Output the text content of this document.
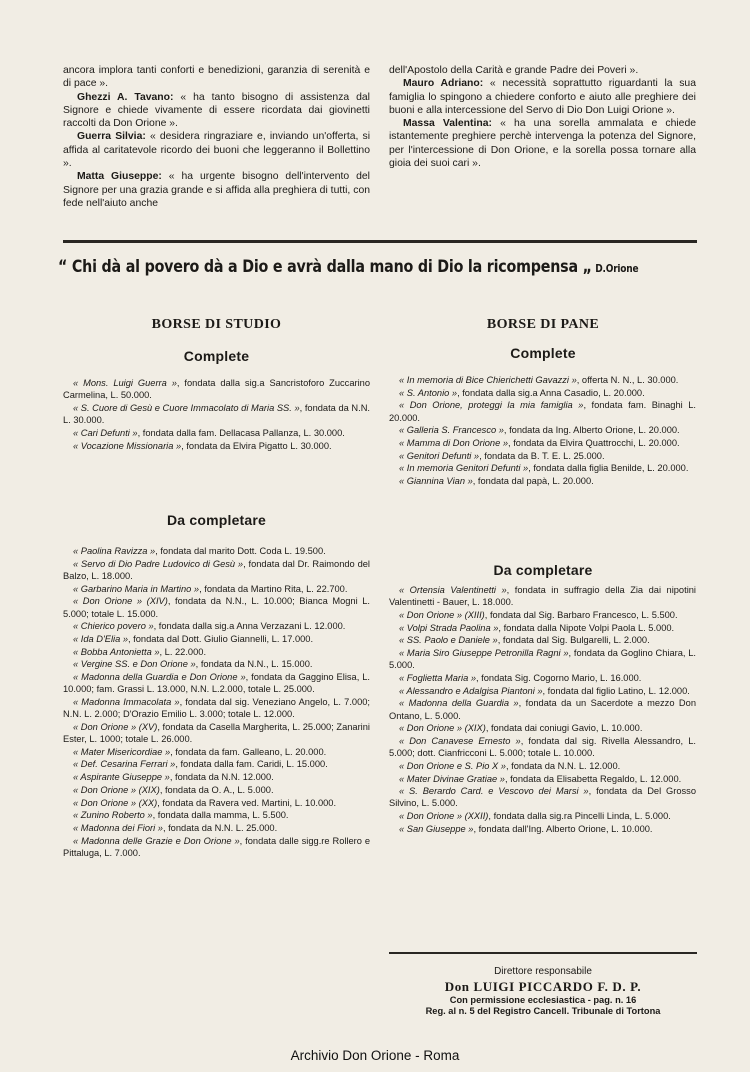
ancora implora tanti conforti e benedizioni, garanzia di serenità e di pace ».

Ghezzi A. Tavano: « ha tanto bisogno di assistenza dal Signore e chiede vivamente di essere ricordata dai giovinetti raccolti da Don Orione ».

Guerra Silvia: « desidera ringraziare e, inviando un'offerta, si affida al caritatevole ricordo dei buoni che leggeranno il Bollettino ».

Matta Giuseppe: « ha urgente bisogno dell'intervento del Signore per una grazia grande e si affida alla preghiera di tutti, con fede nell'aiuto anche

dell'Apostolo della Carità e grande Padre dei Poveri ».

Mauro Adriano: « necessità soprattutto riguardanti la sua famiglia lo spingono a chiedere conforto e aiuto alle preghiere dei buoni e alla intercessione del Servo di Dio Don Luigi Orione ».

Massa Valentina: « ha una sorella ammalata e chiede istantemente preghiere perchè intervenga la potenza del Signore, per l'intercessione di Don Orione, e la sorella possa tornare alla gioia dei suoi cari ».

“ Chi dà al povero dà a Dio e avrà dalla mano di Dio la ricompensa „ D.Orione
BORSE DI STUDIO
Complete

« Mons. Luigi Guerra », fondata dalla sig.a Sancristoforo Zuccarino Carmelina, L. 50.000.

« S. Cuore di Gesù e Cuore Immacolato di Maria SS. », fondata da N.N. L. 30.000.

« Cari Defunti », fondata dalla fam. Dellacasa Pallanza, L. 30.000.

« Vocazione Missionaria », fondata da Elvira Pigatto L. 30.000.

Da completare

« Paolina Ravizza », fondata dal marito Dott. Coda L. 19.500.

« Servo di Dio Padre Ludovico di Gesù », fondata dal Dr. Raimondo del Balzo, L. 18.000.

« Garbarino Maria in Martino », fondata da Martino Rita, L. 22.700.

« Don Orione » (XIV), fondata da N.N., L. 10.000; Bianca Mogni L. 5.000; totale L. 15.000.

« Chierico povero », fondata dalla sig.a Anna Verzazani L. 12.000.

« Ida D'Elia », fondata dal Dott. Giulio Giannelli, L. 17.000.

« Bobba Antonietta », L. 22.000.

« Vergine SS. e Don Orione », fondata da N.N., L. 15.000.

« Madonna della Guardia e Don Orione », fondata da Gaggino Elisa, L. 10.000; fam. Grassi L. 13.000, N.N. L.2.000, totale L. 25.000.

« Madonna Immacolata », fondata dal sig. Veneziano Angelo, L. 7.000; N.N. L. 2.000; D'Orazio Emilio L. 3.000; totale L. 12.000.

« Don Orione » (XV), fondata da Casella Margherita, L. 25.000; Zanarini Ester, L. 1000; totale L. 26.000.

« Mater Misericordiae », fondata da fam. Galleano, L. 20.000.

« Def. Cesarina Ferrari », fondata dalla fam. Caridi, L. 15.000.

« Aspirante Giuseppe », fondata da N.N. 12.000.

« Don Orione » (XIX), fondata da O. A., L. 5.000.

« Don Orione » (XX), fondata da Ravera ved. Martini, L. 10.000.

« Zunino Roberto », fondata dalla mamma, L. 5.500.

« Madonna dei Fiori », fondata da N.N. L. 25.000.

« Madonna delle Grazie e Don Orione », fondata dalle sigg.re Rollero e Pittaluga, L. 7.000.

BORSE DI PANE
Complete

« In memoria di Bice Chierichetti Gavazzi », offerta N. N., L. 30.000.

« S. Antonio », fondata dalla sig.a Anna Casadio, L. 20.000.

« Don Orione, proteggi la mia famiglia », fondata fam. Binaghi L. 20.000.

« Galleria S. Francesco », fondata da Ing. Alberto Orione, L. 20.000.

« Mamma di Don Orione », fondata da Elvira Quattrocchi, L. 20.000.

« Genitori Defunti », fondata da B. T. E. L. 25.000.

« In memoria Genitori Defunti », fondata dalla figlia Benilde, L. 20.000.

« Giannina Vian », fondata dal papà, L. 20.000.

Da completare

« Ortensia Valentinetti », fondata in suffragio della Zia dai nipotini Valentinetti - Bauer, L. 18.000.

« Don Orione » (XIII), fondata dal Sig. Barbaro Francesco, L. 5.500.

« Volpi Strada Paolina », fondata dalla Nipote Volpi Paola L. 5.000.

« SS. Paolo e Daniele », fondata dal Sig. Bulgarelli, L. 2.000.

« Maria Siro Giuseppe Petronilla Ragni », fondata da Goglino Chiara, L. 5.000.

« Foglietta Maria », fondata Sig. Cogorno Mario, L. 16.000.

« Alessandro e Adalgisa Piantoni », fondata dal figlio Latino, L. 12.000.

« Madonna della Guardia », fondata da un Sacerdote a mezzo Don Ontano, L. 5.000.

« Don Orione » (XIX), fondata dai coniugi Gavio, L. 10.000.

« Don Canavese Ernesto », fondata dal sig. Rivella Alessandro, L. 5.000; dott. Cianfricconi L. 5.000; totale L. 10.000.

« Don Orione e S. Pio X », fondata da N.N. L. 12.000.

« Mater Divinae Gratiae », fondata da Elisabetta Regaldo, L. 12.000.

« S. Berardo Card. e Vescovo dei Marsi », fondata da Del Grosso Silvino, L. 5.000.

« Don Orione » (XXII), fondata dalla sig.ra Pincelli Linda, L. 5.000.

« San Giuseppe », fondata dall'Ing. Alberto Orione, L. 10.000.

Direttore responsabile
Don LUIGI PICCARDO F. D. P.
Con permissione ecclesiastica - pag. n. 16
Reg. al n. 5 del Registro Cancell. Tribunale di Tortona
Archivio Don Orione - Roma
